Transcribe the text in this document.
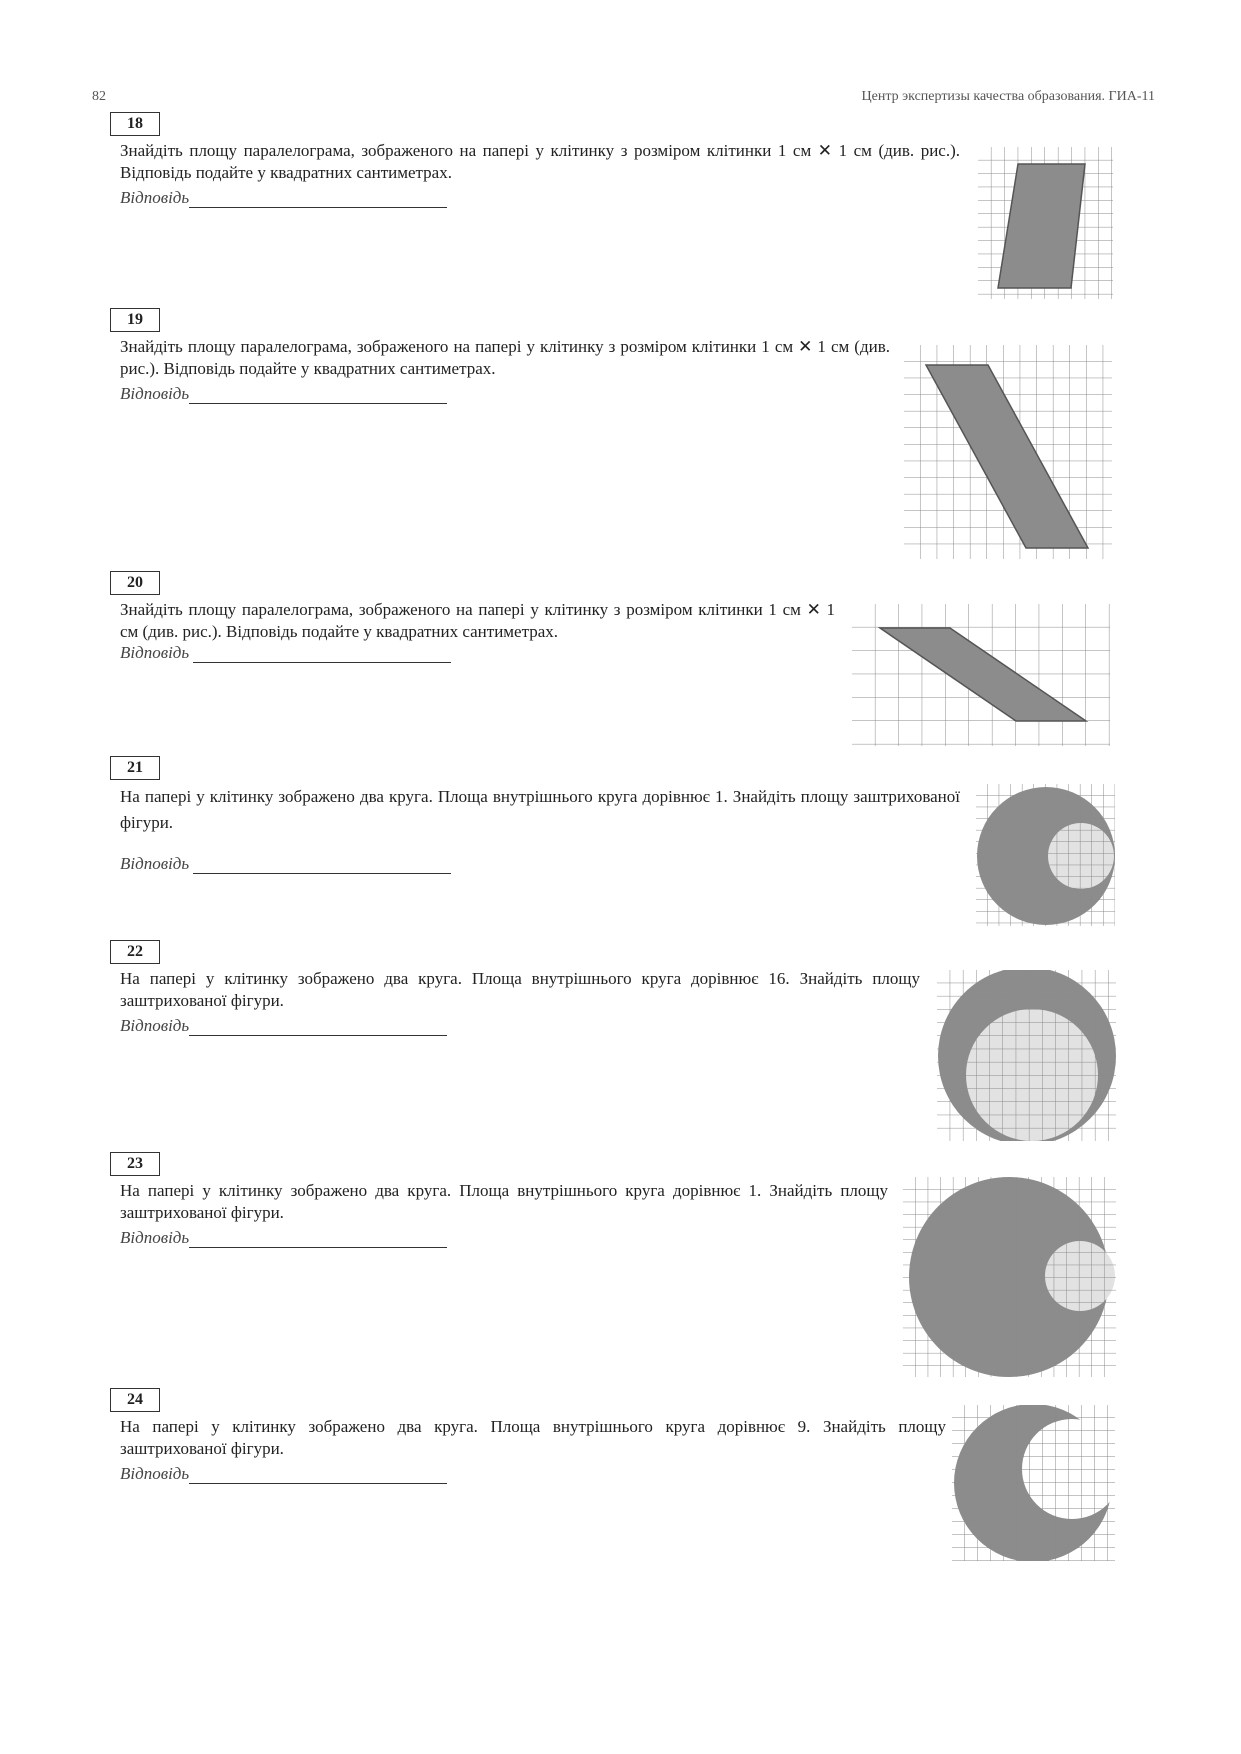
82	Центр экспертизы качества образования. ГИА-11
18
Знайдіть площу паралелограма, зображеного на папері у клітинку з розміром клітинки 1 см ✕ 1 см (див. рис.). Відповідь подайте у квадратних сантиметрах.
Відповідь
19
Знайдіть площу паралелограма, зображеного на папері у клітинку з розміром клітинки 1 см ✕ 1 см (див. рис.). Відповідь подайте у квадратних сантиметрах.
Відповідь
20
Знайдіть площу паралелограма, зображеного на папері у клітинку з розміром клітинки 1 см ✕ 1 см (див. рис.). Відповідь подайте у квадратних сантиметрах.
Відповідь
21
На папері у клітинку зображено два круга. Площа внутрішнього круга дорівнює 1. Знайдіть площу заштрихованої фігури.
Відповідь
22
На папері у клітинку зображено два круга. Площа внутрішнього круга дорівнює 16. Знайдіть площу заштрихованої фігури.
Відповідь
23
На папері у клітинку зображено два круга. Площа внутрішнього круга дорівнює 1. Знайдіть площу заштрихованої фігури.
Відповідь
24
На папері у клітинку зображено два круга. Площа внутрішнього круга дорівнює 9. Знайдіть площу заштрихованої фігури.
Відповідь
